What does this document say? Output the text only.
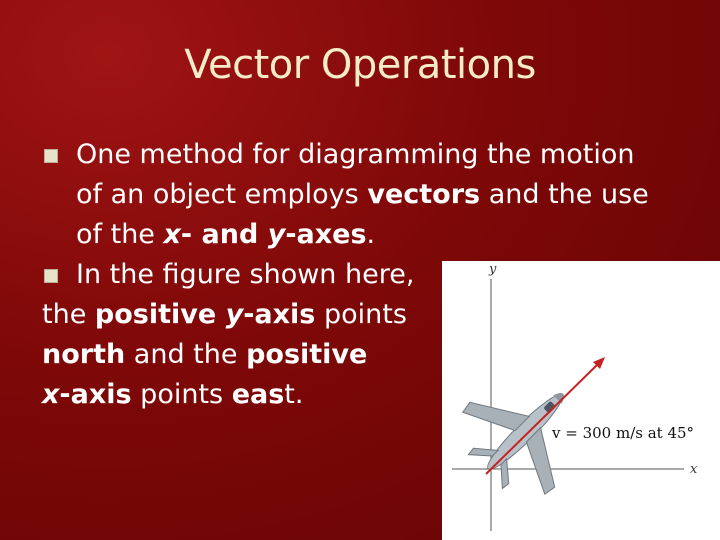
Vector Operations
One method for diagramming the motion
of an object employs vectors and the use
of the x- and y-axes.
In the figure shown here,
the positive y-axis points
north and the positive
x-axis points east.
y
x
v = 300 m/s at 45°
